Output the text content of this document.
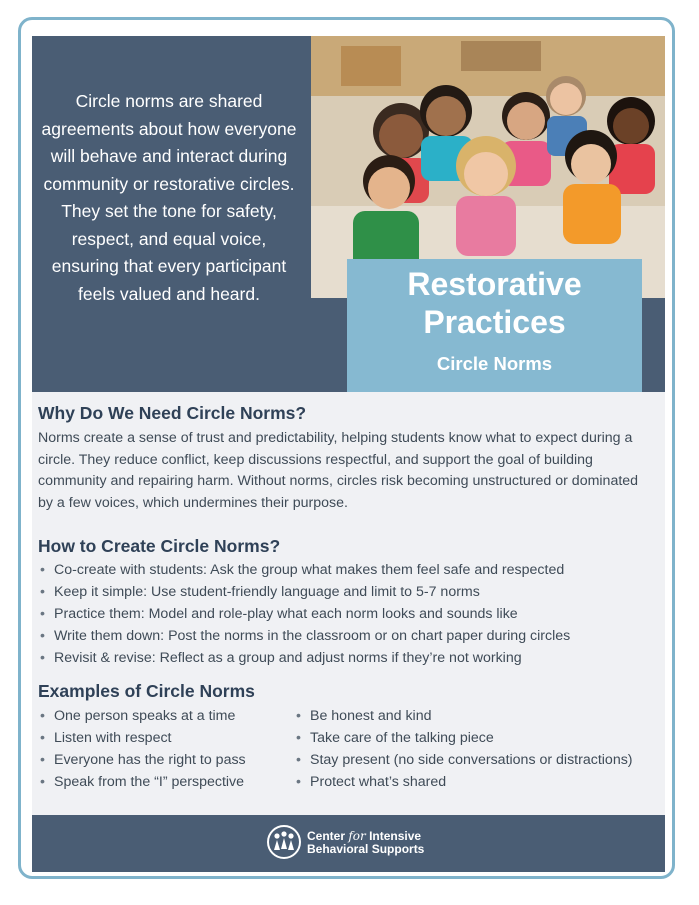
Circle norms are shared agreements about how everyone will behave and interact during community or restorative circles. They set the tone for safety, respect, and equal voice, ensuring that every participant feels valued and heard.	Restorative
Practices
Circle Norms
Why Do We Need Circle Norms?
Norms create a sense of trust and predictability, helping students know what to expect during a circle. They reduce conflict, keep discussions respectful, and support the goal of building community and repairing harm. Without norms, circles risk becoming unstructured or dominated by a few voices, which undermines their purpose.
How to Create Circle Norms?
• Co-create with students: Ask the group what makes them feel safe and respected
• Keep it simple: Use student-friendly language and limit to 5-7 norms
• Practice them: Model and role-play what each norm looks and sounds like
• Write them down: Post the norms in the classroom or on chart paper during circles
• Revisit & revise: Reflect as a group and adjust norms if they’re not working
Examples of Circle Norms
• One person speaks at a time
• Listen with respect
• Everyone has the right to pass
• Speak from the “I” perspective
• Be honest and kind
• Take care of the talking piece
• Stay present (no side conversations or distractions)
• Protect what’s shared
Center for Intensive
Behavioral Supports
